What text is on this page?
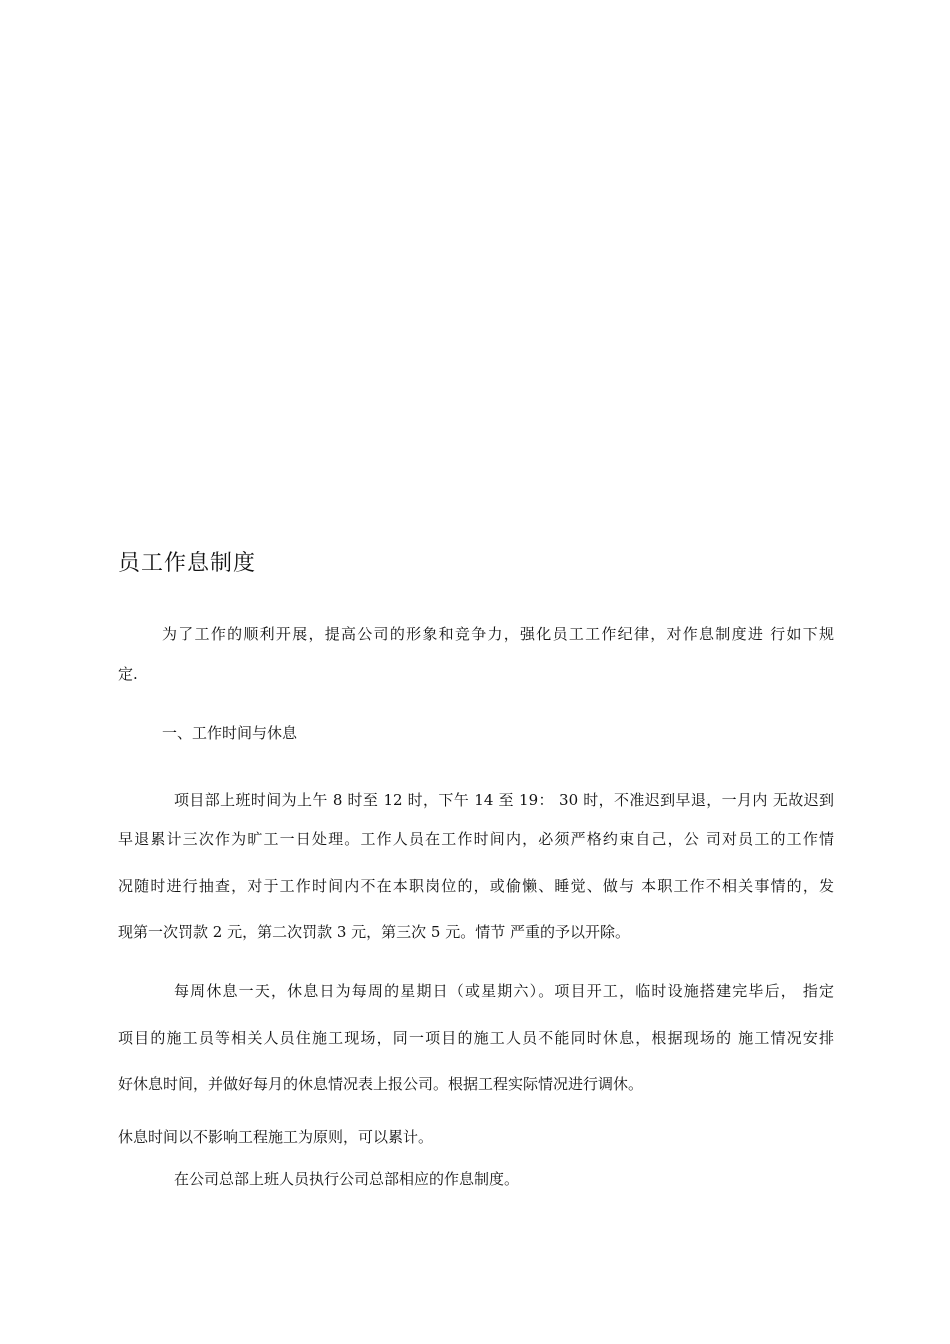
员工作息制度
为了工作的顺利开展，提高公司的形象和竞争力，强化员工工作纪律，对作息制度进 行如下规
定.
一、工作时间与休息
项目部上班时间为上午 8 时至 12 时，下午 14 至 19： 30 时，不准迟到早退，一月内 无故迟到
早退累计三次作为旷工一日处理。工作人员在工作时间内，必须严格约束自己，公 司对员工的工作情
况随时进行抽查，对于工作时间内不在本职岗位的，或偷懒、睡觉、做与 本职工作不相关事情的，发
现第一次罚款 2 元，第二次罚款 3 元，第三次 5 元。情节 严重的予以开除。
每周休息一天，休息日为每周的星期日（或星期六）。项目开工，临时设施搭建完毕后， 指定
项目的施工员等相关人员住施工现场，同一项目的施工人员不能同时休息，根据现场的 施工情况安排
好休息时间，并做好每月的休息情况表上报公司。根据工程实际情况进行调休。
休息时间以不影响工程施工为原则，可以累计。
在公司总部上班人员执行公司总部相应的作息制度。
